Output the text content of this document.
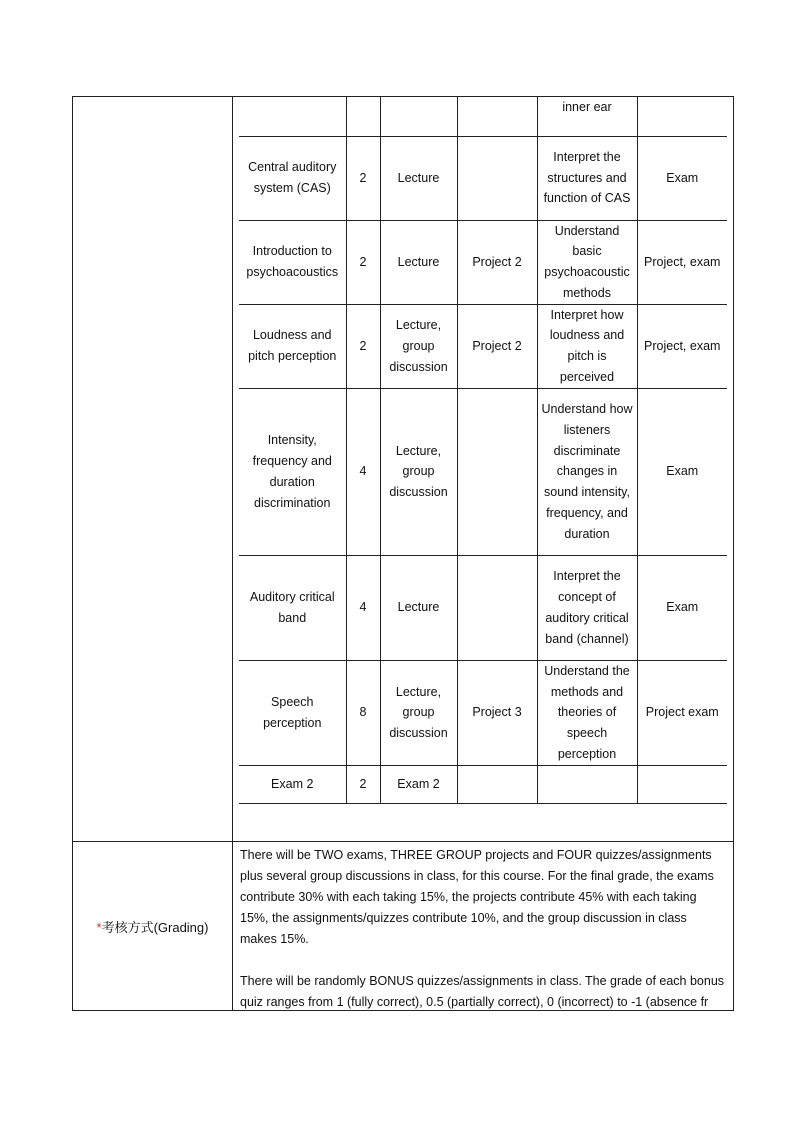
				inner ear	
Central auditory system (CAS)	2	Lecture		Interpret the structures and function of CAS	Exam
Introduction to psychoacoustics	2	Lecture	Project 2	Understand basic psychoacoustic methods	Project, exam
Loudness and pitch perception	2	Lecture, group discussion	Project 2	Interpret how loudness and pitch is perceived	Project, exam
Intensity, frequency and duration discrimination	4	Lecture, group discussion		Understand how listeners discriminate changes in sound intensity, frequency, and duration	Exam
Auditory critical band	4	Lecture		Interpret the concept of auditory critical band (channel)	Exam
Speech perception	8	Lecture, group discussion	Project 3	Understand the methods and theories of speech perception	Project exam
Exam 2	2	Exam 2			
*考核方式(Grading)
There will be TWO exams, THREE GROUP projects and FOUR quizzes/assignments
plus several group discussions in class, for this course. For the final grade, the exams
contribute 30% with each taking 15%, the projects contribute 45% with each taking
15%, the assignments/quizzes contribute 10%, and the group discussion in class
makes 15%.
There will be randomly BONUS quizzes/assignments in class. The grade of each bonus
quiz ranges from 1 (fully correct), 0.5 (partially correct), 0 (incorrect) to -1 (absence fr
